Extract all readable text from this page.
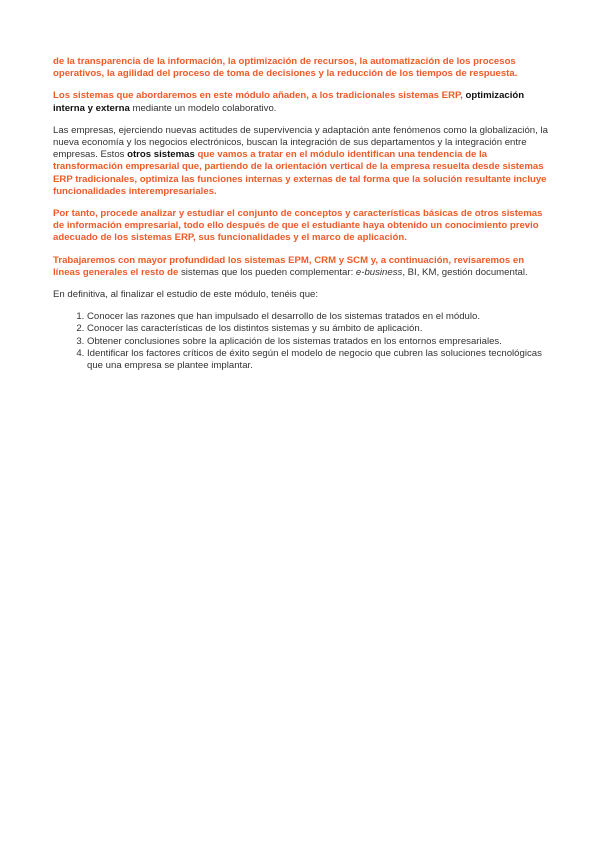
de la transparencia de la información, la optimización de recursos, la automatización de los procesos operativos, la agilidad del proceso de toma de decisiones y la reducción de los tiempos de respuesta.

Los sistemas que abordaremos en este módulo añaden, a los tradicionales sistemas ERP, optimización interna y externa mediante un modelo colaborativo.

Las empresas, ejerciendo nuevas actitudes de supervivencia y adaptación ante fenómenos como la globalización, la nueva economía y los negocios electrónicos, buscan la integración de sus departamentos y la integración entre empresas. Estos otros sistemas que vamos a tratar en el módulo identifican una tendencia de la transformación empresarial que, partiendo de la orientación vertical de la empresa resuelta desde sistemas ERP tradicionales, optimiza las funciones internas y externas de tal forma que la solución resultante incluye funcionalidades interempresariales.

Por tanto, procede analizar y estudiar el conjunto de conceptos y características básicas de otros sistemas de información empresarial, todo ello después de que el estudiante haya obtenido un conocimiento previo adecuado de los sistemas ERP, sus funcionalidades y el marco de aplicación.

Trabajaremos con mayor profundidad los sistemas EPM, CRM y SCM y, a continuación, revisaremos en líneas generales el resto de sistemas que los pueden complementar: e-business, BI, KM, gestión documental.

En definitiva, al finalizar el estudio de este módulo, tenéis que:

1. Conocer las razones que han impulsado el desarrollo de los sistemas tratados en el módulo.
2. Conocer las características de los distintos sistemas y su ámbito de aplicación.
3. Obtener conclusiones sobre la aplicación de los sistemas tratados en los entornos empresariales.
4. Identificar los factores críticos de éxito según el modelo de negocio que cubren las soluciones tecnológicas que una empresa se plantee implantar.
